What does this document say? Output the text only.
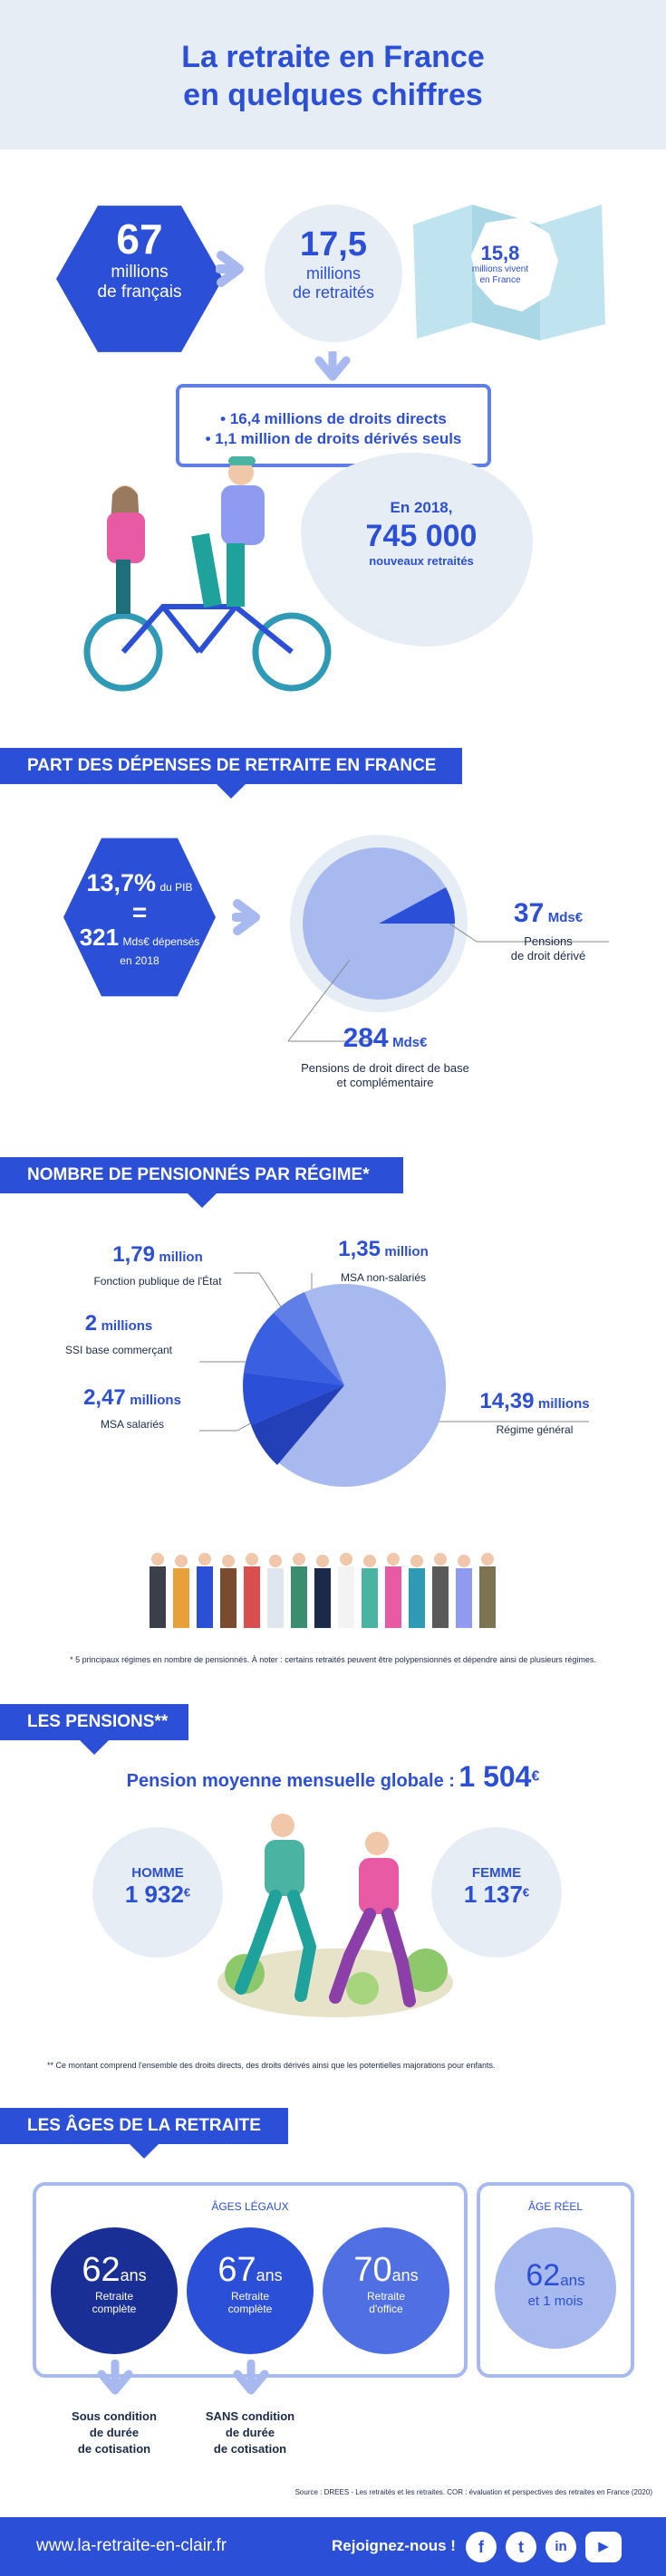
La retraite en France
en quelques chiffres
67
millions
de français
17,5
millions
de retraités
15,8
millions vivent
en France
• 16,4 millions de droits directs
• 1,1 million de droits dérivés seuls
En 2018,
745 000
nouveaux retraités
PART DES DÉPENSES DE RETRAITE EN FRANCE
13,7% du PIB
=
321 Mds€ dépensés
en 2018
37 Mds€
Pensions
de droit dérivé
284 Mds€
Pensions de droit direct de base
et complémentaire
NOMBRE DE PENSIONNÉS PAR RÉGIME*
1,79 million
Fonction publique de l'État
1,35 million
MSA non-salariés
2 millions
SSI base commerçant
2,47 millions
MSA salariés
14,39 millions
Régime général
* 5 principaux régimes en nombre de pensionnés. À noter : certains retraités peuvent être polypensionnés et dépendre ainsi de plusieurs régimes.
LES PENSIONS**
Pension moyenne mensuelle globale : 1 504€
HOMME
1 932€
FEMME
1 137€
** Ce montant comprend l'ensemble des droits directs, des droits dérivés ainsi que les potentielles majorations pour enfants.
LES ÂGES DE LA RETRAITE
ÂGES LÉGAUX	ÂGE RÉEL
62ans
Retraite
complète
67ans
Retraite
complète
70ans
Retraite
d'office
62ans
et 1 mois
Sous condition
de durée
de cotisation
SANS condition
de durée
de cotisation
Source : DREES - Les retraités et les retraites. COR : évaluation et perspectives des retraites en France (2020)
www.la-retraite-en-clair.fr	Rejoignez-nous !	f	t	in	▶
